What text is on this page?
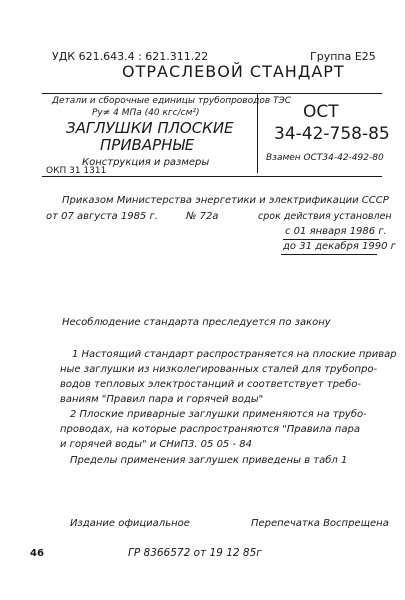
УДК 621.643.4 : 621.311.22	Группа Е25
ОТРАСЛЕВОЙ СТАНДАРТ
Детали и сборочные единицы трубопроводов ТЭС
Ру≠ 4 МПа (40 кгс/см²)
ЗАГЛУШКИ ПЛОСКИЕ
ПРИВАРНЫЕ
Конструкция и размеры
ОКП 31 1311
ОСТ
34-42-758-85
Взамен ОСТ34-42-492-80
Приказом Министерства энергетики и электрификации СССР
от 07 августа 1985 г.	№ 72а	срок действия установлен
с 01 января 1986 г.
до 31 декабря 1990 г
Несоблюдение стандарта преследуется по закону
1 Настоящий стандарт распространяется на плоские привар
ные заглушки из низколегированных сталей для трубопро-
водов тепловых электростанций и соответствует требо-
ваниям "Правил пара и горячей воды"
2 Плоские приварные заглушки применяются на трубо-
проводах, на которые распространяются "Правила пара
и горячей воды" и СНиП3. 05 05 - 84
Пределы применения заглушек приведены в табл 1
Издание официальное	Перепечатка Воспрещена
46	ГР 8366572 от 19 12 85г
